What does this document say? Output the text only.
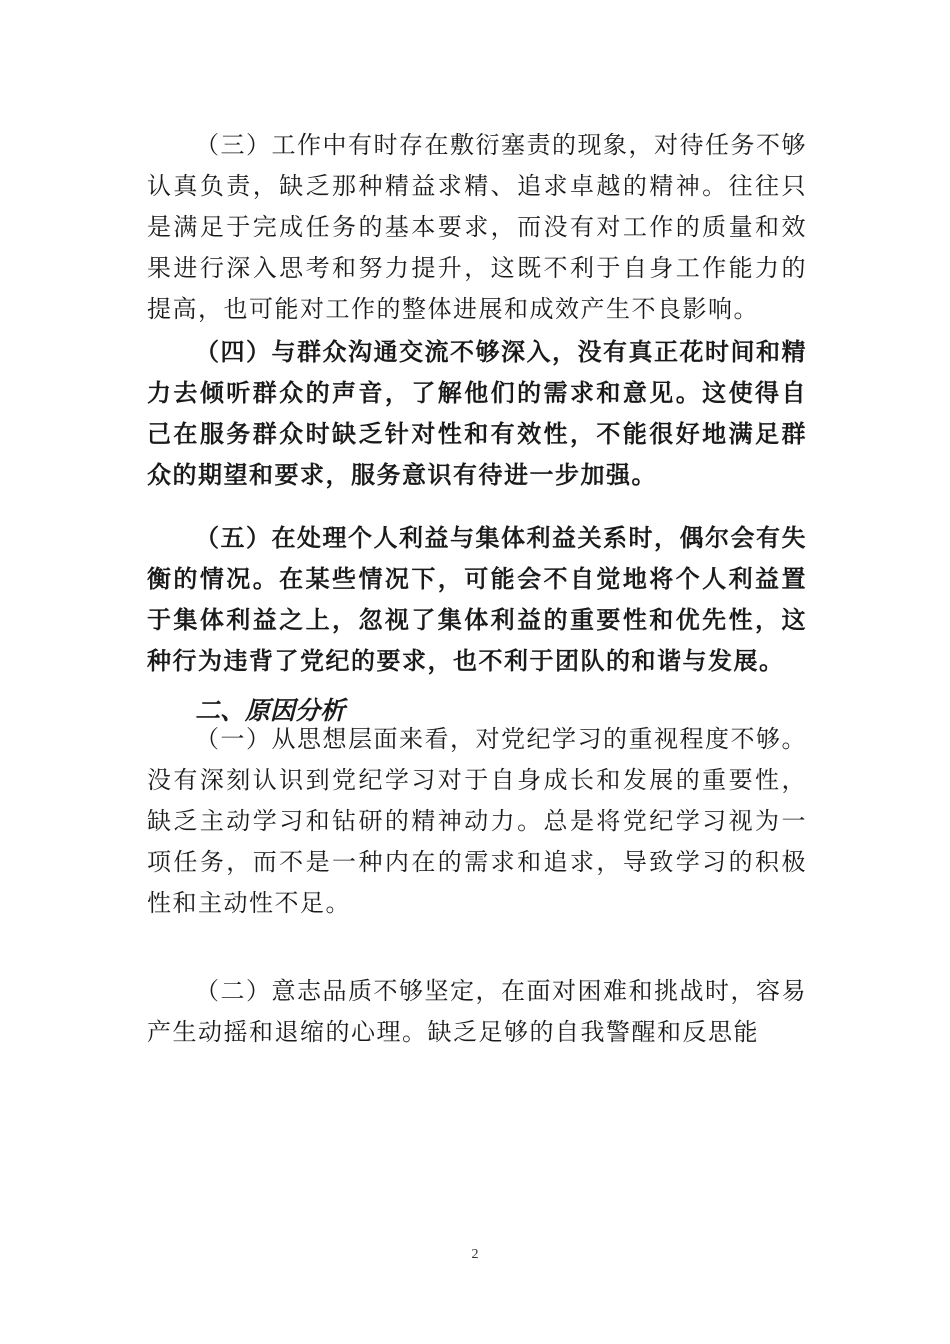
（三）工作中有时存在敷衍塞责的现象，对待任务不够认真负责，缺乏那种精益求精、追求卓越的精神。往往只是满足于完成任务的基本要求，而没有对工作的质量和效果进行深入思考和努力提升，这既不利于自身工作能力的提高，也可能对工作的整体进展和成效产生不良影响。

（四）与群众沟通交流不够深入，没有真正花时间和精力去倾听群众的声音，了解他们的需求和意见。这使得自己在服务群众时缺乏针对性和有效性，不能很好地满足群众的期望和要求，服务意识有待进一步加强。

（五）在处理个人利益与集体利益关系时，偶尔会有失衡的情况。在某些情况下，可能会不自觉地将个人利益置于集体利益之上，忽视了集体利益的重要性和优先性，这种行为违背了党纪的要求，也不利于团队的和谐与发展。

二、原因分析

（一）从思想层面来看，对党纪学习的重视程度不够。没有深刻认识到党纪学习对于自身成长和发展的重要性，缺乏主动学习和钻研的精神动力。总是将党纪学习视为一项任务，而不是一种内在的需求和追求，导致学习的积极性和主动性不足。

（二）意志品质不够坚定，在面对困难和挑战时，容易产生动摇和退缩的心理。缺乏足够的自我警醒和反思能

2
